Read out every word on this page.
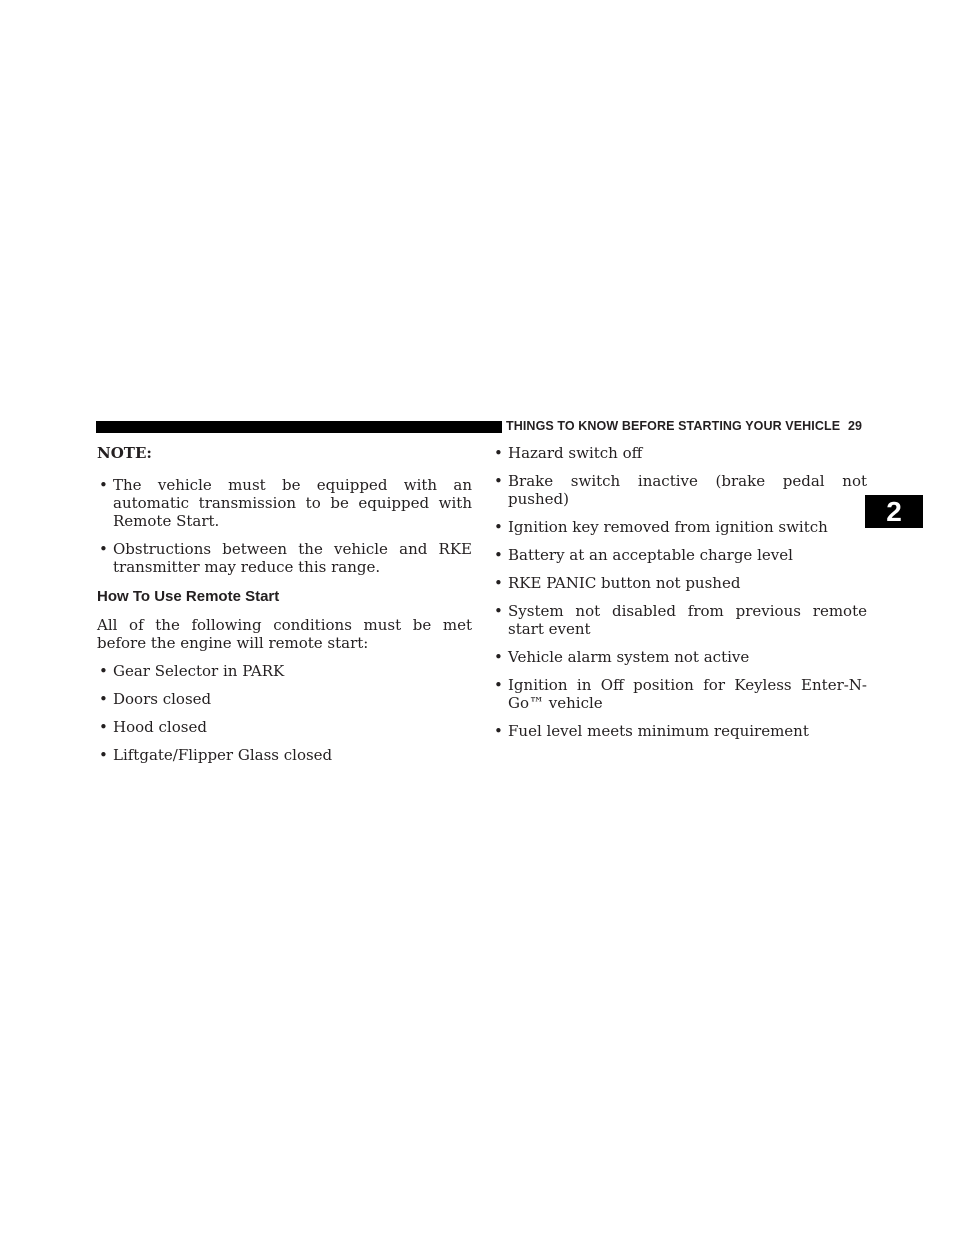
THINGS TO KNOW BEFORE STARTING YOUR VEHICLE 29
2
NOTE:
• The vehicle must be equipped with an automatic transmission to be equipped with Remote Start.
• Obstructions between the vehicle and RKE transmitter may reduce this range.
How To Use Remote Start
All of the following conditions must be met before the engine will remote start:
• Gear Selector in PARK
• Doors closed
• Hood closed
• Liftgate/Flipper Glass closed
• Hazard switch off
• Brake switch inactive (brake pedal not pushed)
• Ignition key removed from ignition switch
• Battery at an acceptable charge level
• RKE PANIC button not pushed
• System not disabled from previous remote start event
• Vehicle alarm system not active
• Ignition in Off position for Keyless Enter-N-Go™ vehicle
• Fuel level meets minimum requirement
